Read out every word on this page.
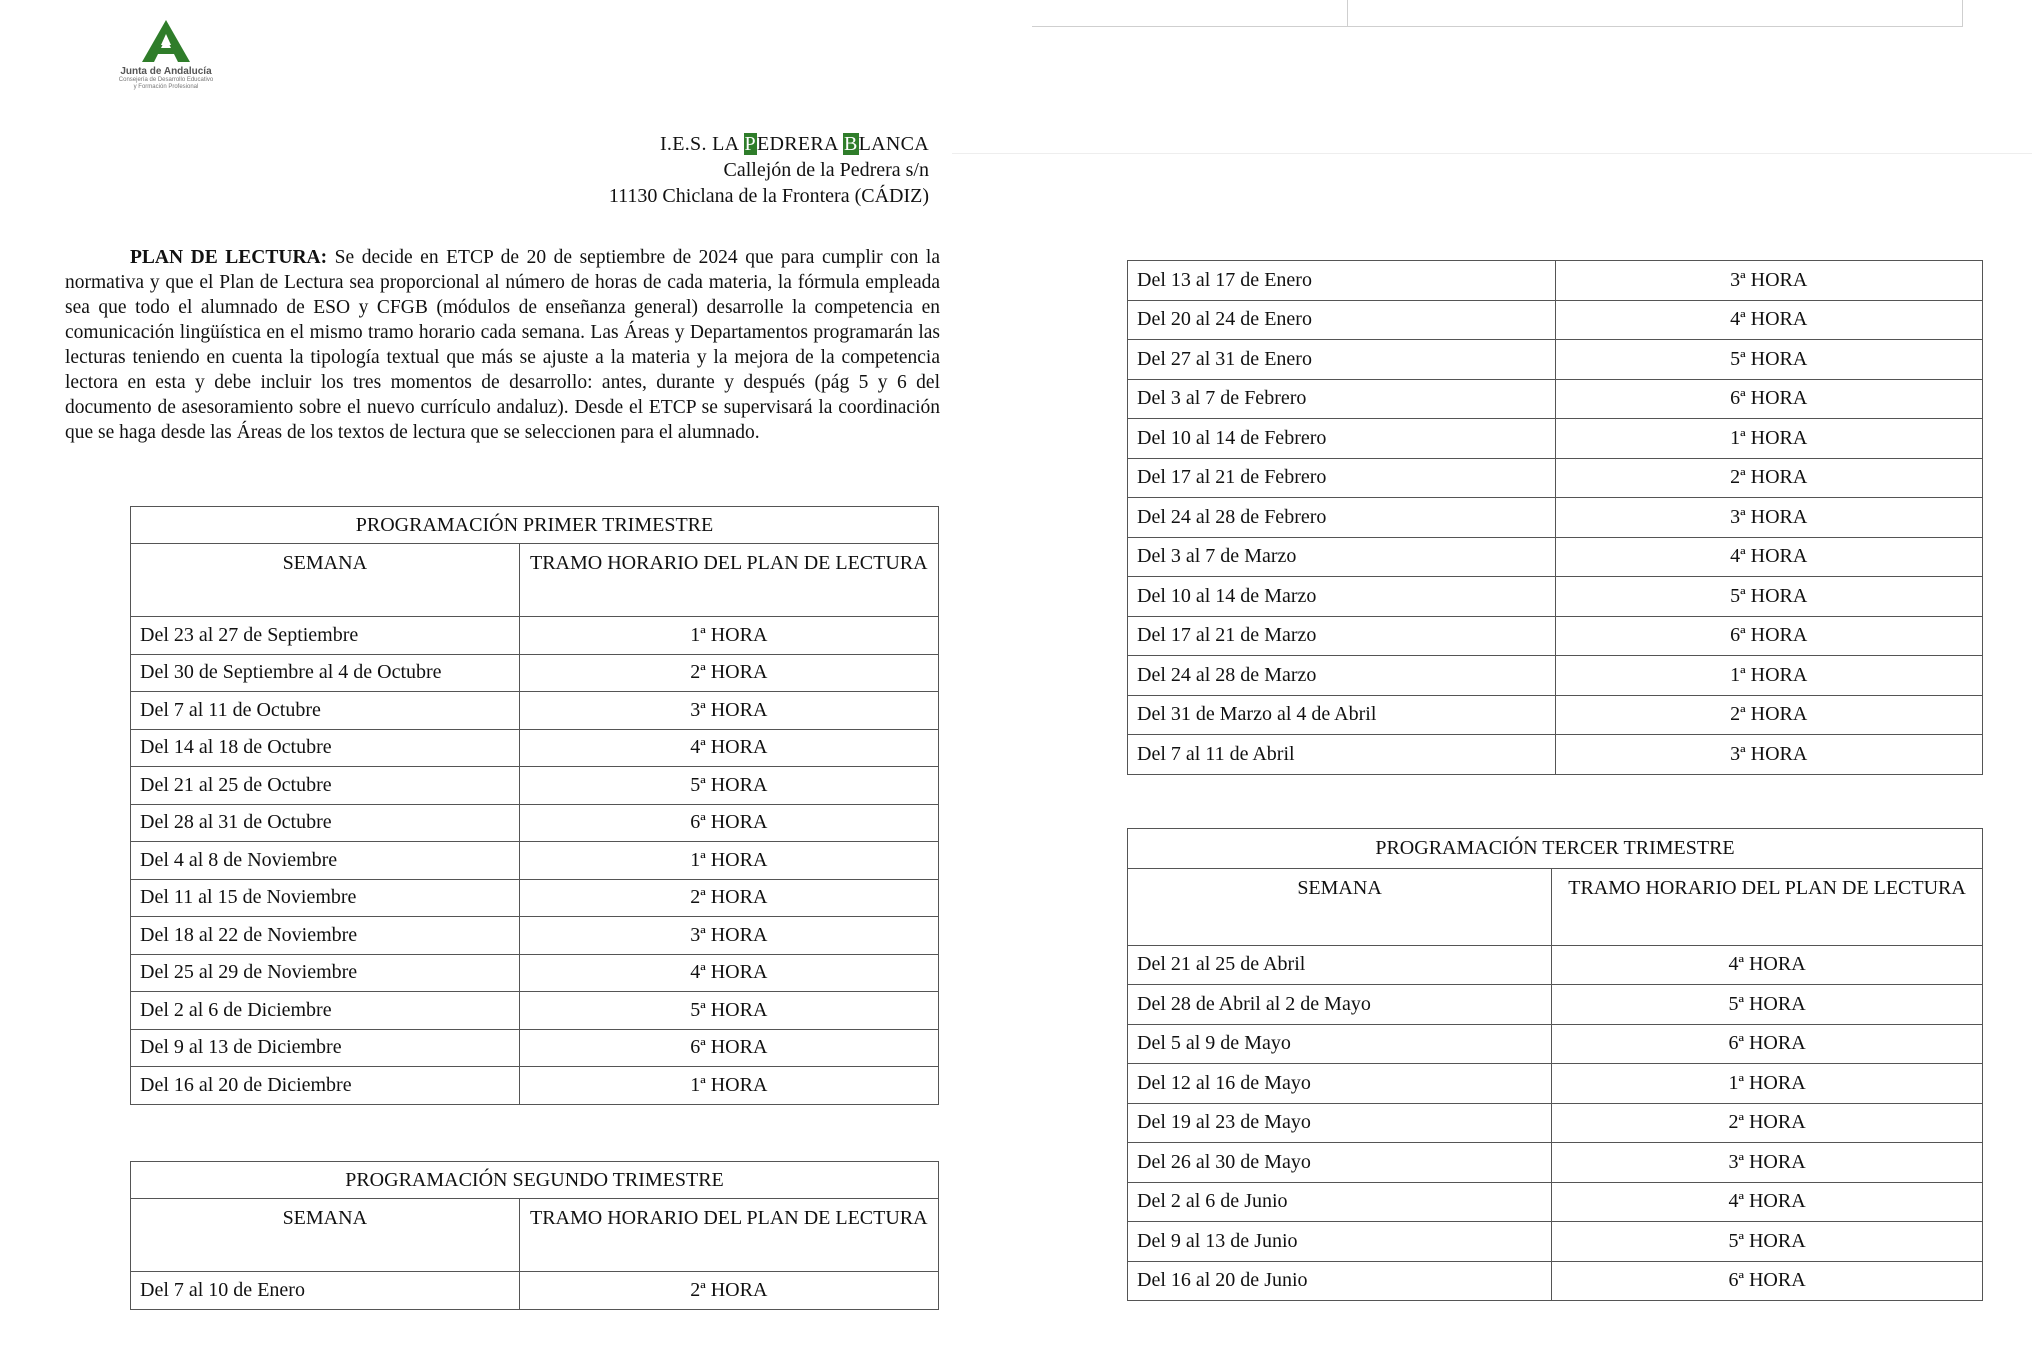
Junta de Andalucía
Consejería de Desarrollo Educativo
y Formación Profesional
I.E.S. LA PEDRERA BLANCA
Callejón de la Pedrera s/n
11130 Chiclana de la Frontera (CÁDIZ)
PLAN DE LECTURA: Se decide en ETCP de 20 de septiembre de 2024 que para cumplir con la normativa y que el Plan de Lectura sea proporcional al número de horas de cada materia, la fórmula empleada sea que todo el alumnado de ESO y CFGB (módulos de enseñanza general) desarrolle la competencia en comunicación lingüística en el mismo tramo horario cada semana. Las Áreas y Departamentos programarán las lecturas teniendo en cuenta la tipología textual que más se ajuste a la materia y la mejora de la competencia lectora en esta y debe incluir los tres momentos de desarrollo: antes, durante y después (pág 5 y 6 del documento de asesoramiento sobre el nuevo currículo andaluz). Desde el ETCP se supervisará la coordinación que se haga desde las Áreas de los textos de lectura que se seleccionen para el alumnado.
PROGRAMACIÓN PRIMER TRIMESTRE	
SEMANA	TRAMO HORARIO DEL PLAN DE LECTURA
Del 23 al 27 de Septiembre	1ª HORA
Del 30 de Septiembre al 4 de Octubre	2ª HORA
Del 7 al 11 de Octubre	3ª HORA
Del 14 al 18 de Octubre	4ª HORA
Del 21 al 25 de Octubre	5ª HORA
Del 28 al 31 de Octubre	6ª HORA
Del 4 al 8 de Noviembre	1ª HORA
Del 11 al 15 de Noviembre	2ª HORA
Del 18 al 22 de Noviembre	3ª HORA
Del 25 al 29 de Noviembre	4ª HORA
Del 2 al 6 de Diciembre	5ª HORA
Del 9 al 13 de Diciembre	6ª HORA
Del 16 al 20 de Diciembre	1ª HORA
PROGRAMACIÓN SEGUNDO TRIMESTRE	
SEMANA	TRAMO HORARIO DEL PLAN DE LECTURA
Del 7 al 10 de Enero	2ª HORA
Del 13 al 17 de Enero	3ª HORA
Del 20 al 24 de Enero	4ª HORA
Del 27 al 31 de Enero	5ª HORA
Del 3 al 7 de Febrero	6ª HORA
Del 10 al 14 de Febrero	1ª HORA
Del 17 al 21 de Febrero	2ª HORA
Del 24 al 28 de Febrero	3ª HORA
Del 3 al 7 de Marzo	4ª HORA
Del 10 al 14 de Marzo	5ª HORA
Del 17 al 21 de Marzo	6ª HORA
Del 24 al 28 de Marzo	1ª HORA
Del 31 de Marzo al 4 de Abril	2ª HORA
Del 7 al 11 de Abril	3ª HORA
PROGRAMACIÓN TERCER TRIMESTRE	
SEMANA	TRAMO HORARIO DEL PLAN DE LECTURA
Del 21 al 25 de Abril	4ª HORA
Del 28 de Abril al 2 de Mayo	5ª HORA
Del 5 al 9 de Mayo	6ª HORA
Del 12 al 16 de Mayo	1ª HORA
Del 19 al 23 de Mayo	2ª HORA
Del 26 al 30 de Mayo	3ª HORA
Del 2 al 6 de Junio	4ª HORA
Del 9 al 13 de Junio	5ª HORA
Del 16 al 20 de Junio	6ª HORA
